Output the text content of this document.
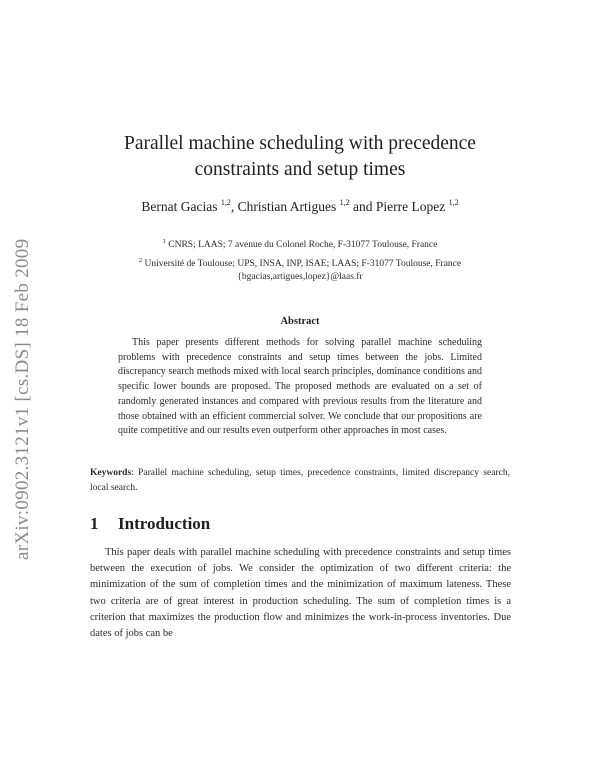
arXiv:0902.3121v1 [cs.DS] 18 Feb 2009
Parallel machine scheduling with precedence
constraints and setup times
Bernat Gacias $^{1,2}$, Christian Artigues $^{1,2}$ and Pierre Lopez $^{1,2}$
$^1$ CNRS; LAAS; 7 avenue du Colonel Roche, F-31077 Toulouse, France
$^2$ Université de Toulouse; UPS, INSA, INP, ISAE; LAAS; F-31077 Toulouse, France
{bgacias,artigues,lopez}@laas.fr
Abstract
This paper presents different methods for solving parallel machine scheduling problems with precedence constraints and setup times between the jobs. Limited discrepancy search methods mixed with local search principles, dominance conditions and specific lower bounds are proposed. The proposed methods are evaluated on a set of randomly generated instances and compared with previous results from the literature and those obtained with an efficient commercial solver. We conclude that our propositions are quite competitive and our results even outperform other approaches in most cases.
Keywords: Parallel machine scheduling, setup times, precedence constraints, limited discrepancy search, local search.
1 Introduction
This paper deals with parallel machine scheduling with precedence constraints and setup times between the execution of jobs. We consider the optimization of two different criteria: the minimization of the sum of completion times and the minimization of maximum lateness. These two criteria are of great interest in production scheduling. The sum of completion times is a criterion that maximizes the production flow and minimizes the work-in-process inventories. Due dates of jobs can be
